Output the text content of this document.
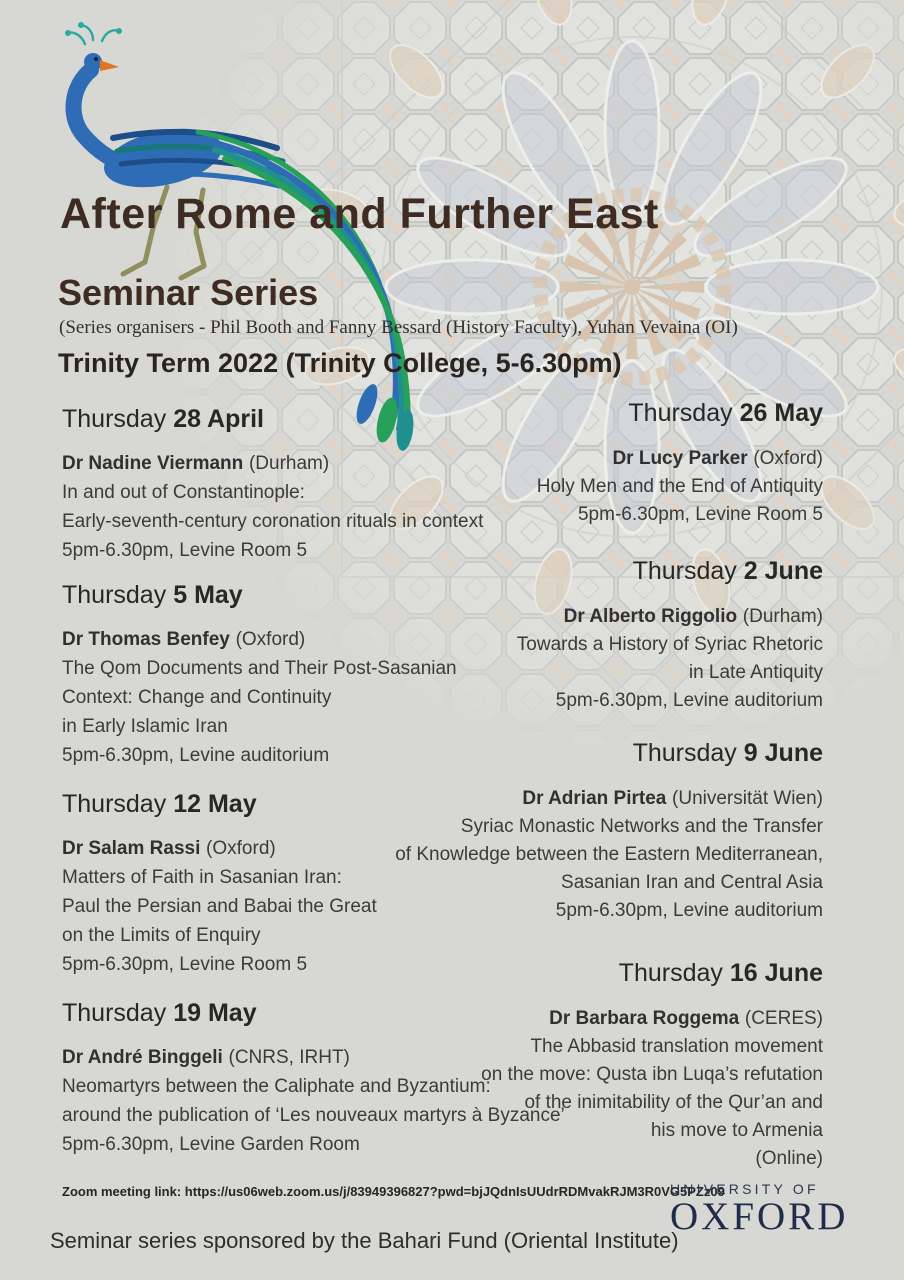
After Rome and Further East
Seminar Series

(Series organisers - Phil Booth and Fanny Bessard (History Faculty), Yuhan Vevaina (OI)

Trinity Term 2022 (Trinity College, 5-6.30pm)

Thursday 28 April

Dr Nadine Viermann (Durham)

In and out of Constantinople:

Early-seventh-century coronation rituals in context

5pm-6.30pm, Levine Room 5

Thursday 5 May

Dr Thomas Benfey (Oxford)

The Qom Documents and Their Post-Sasanian

Context: Change and Continuity

in Early Islamic Iran

5pm-6.30pm, Levine auditorium

Thursday 12 May

Dr Salam Rassi (Oxford)

Matters of Faith in Sasanian Iran:

Paul the Persian and Babai the Great

on the Limits of Enquiry

5pm-6.30pm, Levine Room 5

Thursday 19 May

Dr André Binggeli (CNRS, IRHT)

Neomartyrs between the Caliphate and Byzantium:

around the publication of ‘Les nouveaux martyrs à Byzance’

5pm-6.30pm, Levine Garden Room

Thursday 26 May

Dr Lucy Parker (Oxford)

Holy Men and the End of Antiquity

5pm-6.30pm, Levine Room 5

Thursday 2 June

Dr Alberto Riggolio (Durham)

Towards a History of Syriac Rhetoric

in Late Antiquity

5pm-6.30pm, Levine auditorium

Thursday 9 June

Dr Adrian Pirtea (Universität Wien)

Syriac Monastic Networks and the Transfer

of Knowledge between the Eastern Mediterranean,

Sasanian Iran and Central Asia

5pm-6.30pm, Levine auditorium

Thursday 16 June

Dr Barbara Roggema (CERES)

The Abbasid translation movement

on the move: Qusta ibn Luqa’s refutation

of the inimitability of the Qur’an and

his move to Armenia

(Online)

Zoom meeting link: https://us06web.zoom.us/j/83949396827?pwd=bjJQdnIsUUdrRDMvakRJM3R0VG5PZz09

Seminar series sponsored by the Bahari Fund (Oriental Institute)

UNIVERSITY OF
OXFORD
